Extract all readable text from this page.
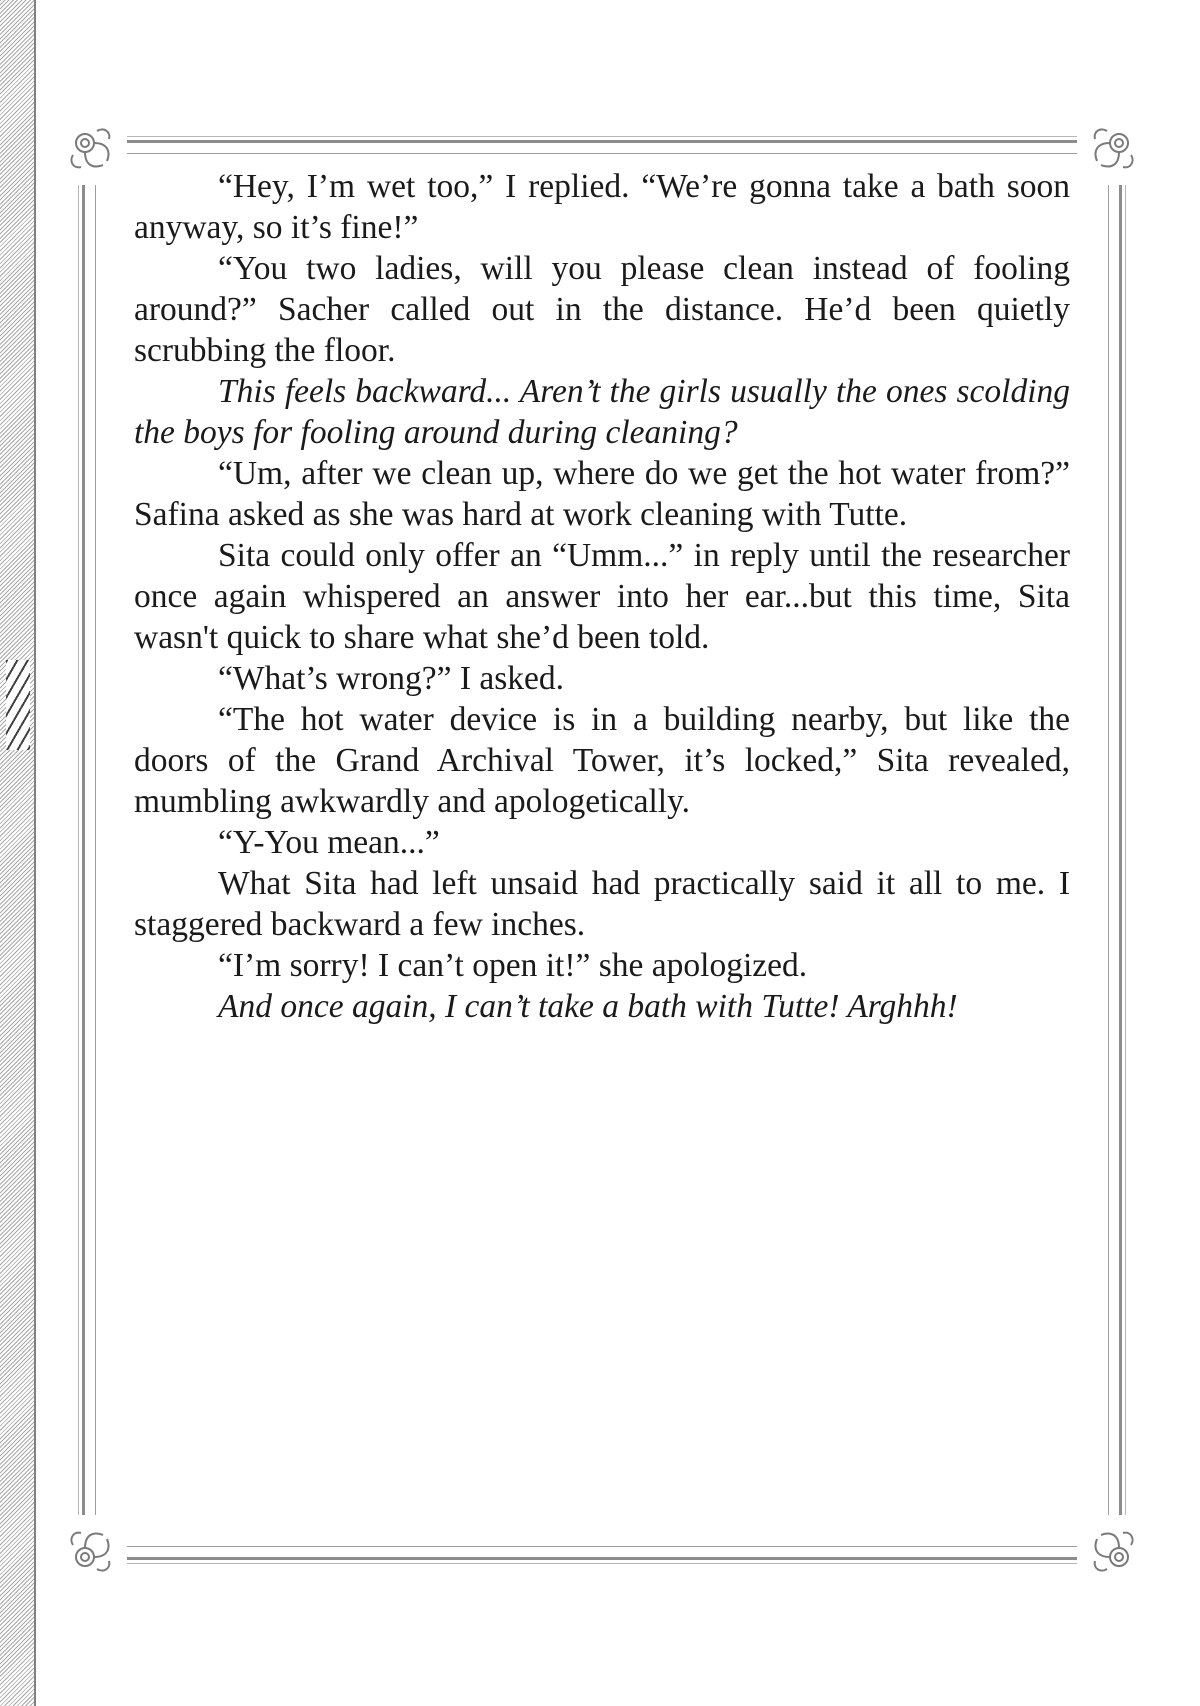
“Hey, I’m wet too,” I replied. “We’re gonna take a bath soon anyway, so it’s fine!”

“You two ladies, will you please clean instead of fooling around?” Sacher called out in the distance. He’d been quietly scrubbing the floor.

This feels backward... Aren’t the girls usually the ones scolding the boys for fooling around during cleaning?

“Um, after we clean up, where do we get the hot water from?” Safina asked as she was hard at work cleaning with Tutte.

Sita could only offer an “Umm...” in reply until the researcher once again whispered an answer into her ear...but this time, Sita wasn't quick to share what she’d been told.

“What’s wrong?” I asked.

“The hot water device is in a building nearby, but like the doors of the Grand Archival Tower, it’s locked,” Sita revealed, mumbling awkwardly and apologetically.

“Y-You mean...”

What Sita had left unsaid had practically said it all to me. I staggered backward a few inches.

“I’m sorry! I can’t open it!” she apologized.

And once again, I can’t take a bath with Tutte! Arghhh!
